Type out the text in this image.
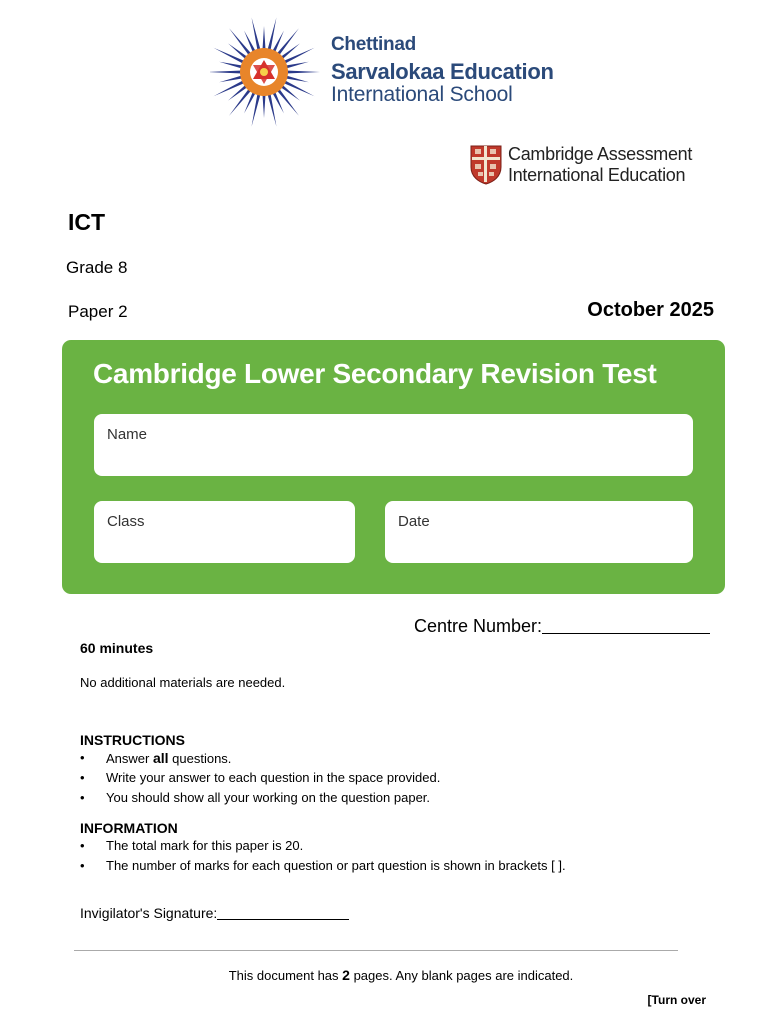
Chettinad
Sarvalokaa Education
International School
Cambridge Assessment
International Education
ICT
Grade 8
Paper 2	October 2025
Cambridge Lower Secondary Revision Test
Name
Class	Date
Centre Number:
60 minutes
No additional materials are needed.
INSTRUCTIONS
• Answer all questions.
• Write your answer to each question in the space provided.
• You should show all your working on the question paper.
INFORMATION
• The total mark for this paper is 20.
• The number of marks for each question or part question is shown in brackets [ ].
Invigilator's Signature:
This document has 2 pages. Any blank pages are indicated.
[Turn over
